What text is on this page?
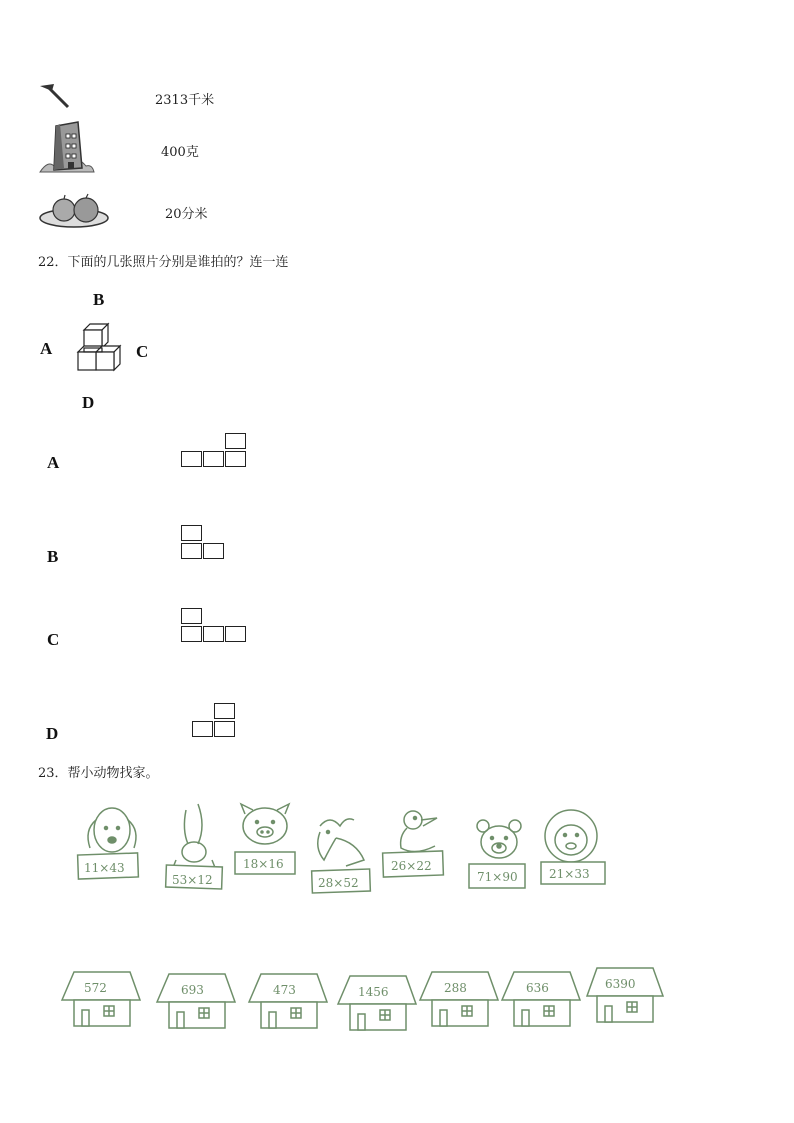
2313千米
400克
20分米
22．下面的几张照片分别是谁拍的？连一连
B
A	C
D
A
B
C
D
23．帮小动物找家。
11×43
53×12
18×16
28×52
26×22
71×90	21×33
572	693	473	1456	288	636	6390
